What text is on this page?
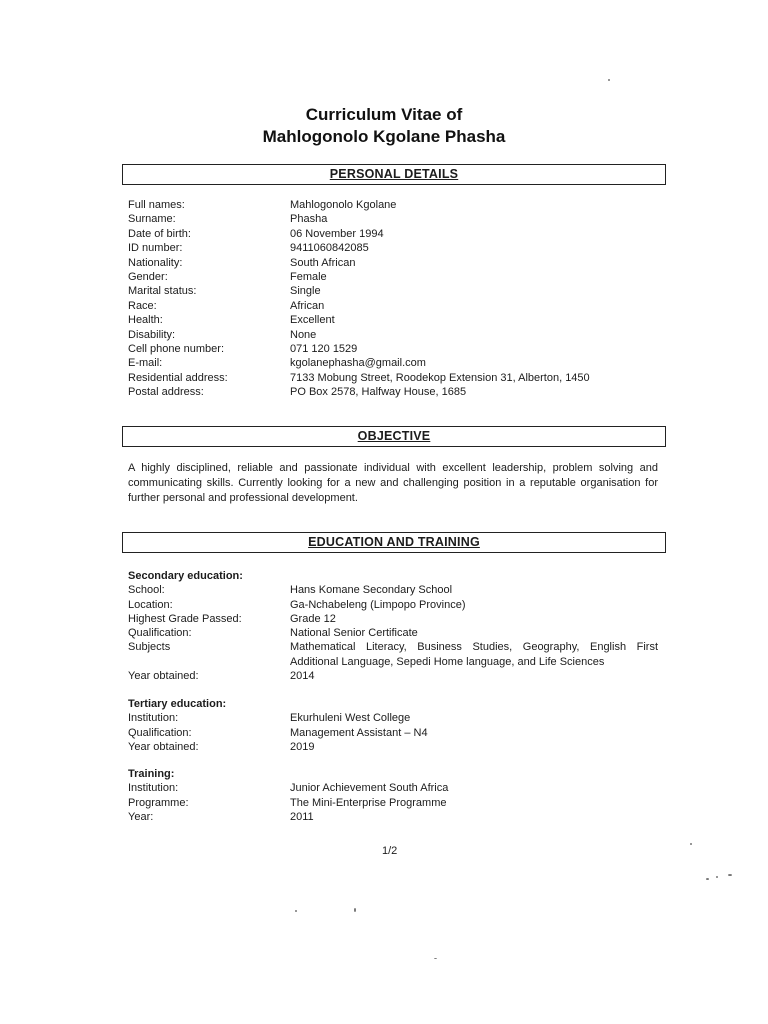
Curriculum Vitae of
Mahlogonolo Kgolane Phasha
PERSONAL DETAILS
Full names:	Mahlogonolo Kgolane
Surname:	Phasha
Date of birth:	06 November 1994
ID number:	9411060842085
Nationality:	South African
Gender:	Female
Marital status:	Single
Race:	African
Health:	Excellent
Disability:	None
Cell phone number:	071 120 1529
E-mail:	kgolanephasha@gmail.com
Residential address:	7133 Mobung Street, Roodekop Extension 31, Alberton, 1450
Postal address:	PO Box 2578, Halfway House, 1685
OBJECTIVE
A highly disciplined, reliable and passionate individual with excellent leadership, problem solving and communicating skills. Currently looking for a new and challenging position in a reputable organisation for further personal and professional development.
EDUCATION AND TRAINING
Secondary education:
School:	Hans Komane Secondary School
Location:	Ga-Nchabeleng (Limpopo Province)
Highest Grade Passed:	Grade 12
Qualification:	National Senior Certificate
Subjects	Mathematical Literacy, Business Studies, Geography, English First Additional Language, Sepedi Home language, and Life Sciences
Year obtained:	2014
Tertiary education:
Institution:	Ekurhuleni West College
Qualification:	Management Assistant – N4
Year obtained:	2019
Training:
Institution:	Junior Achievement South Africa
Programme:	The Mini-Enterprise Programme
Year:	2011
1/2
